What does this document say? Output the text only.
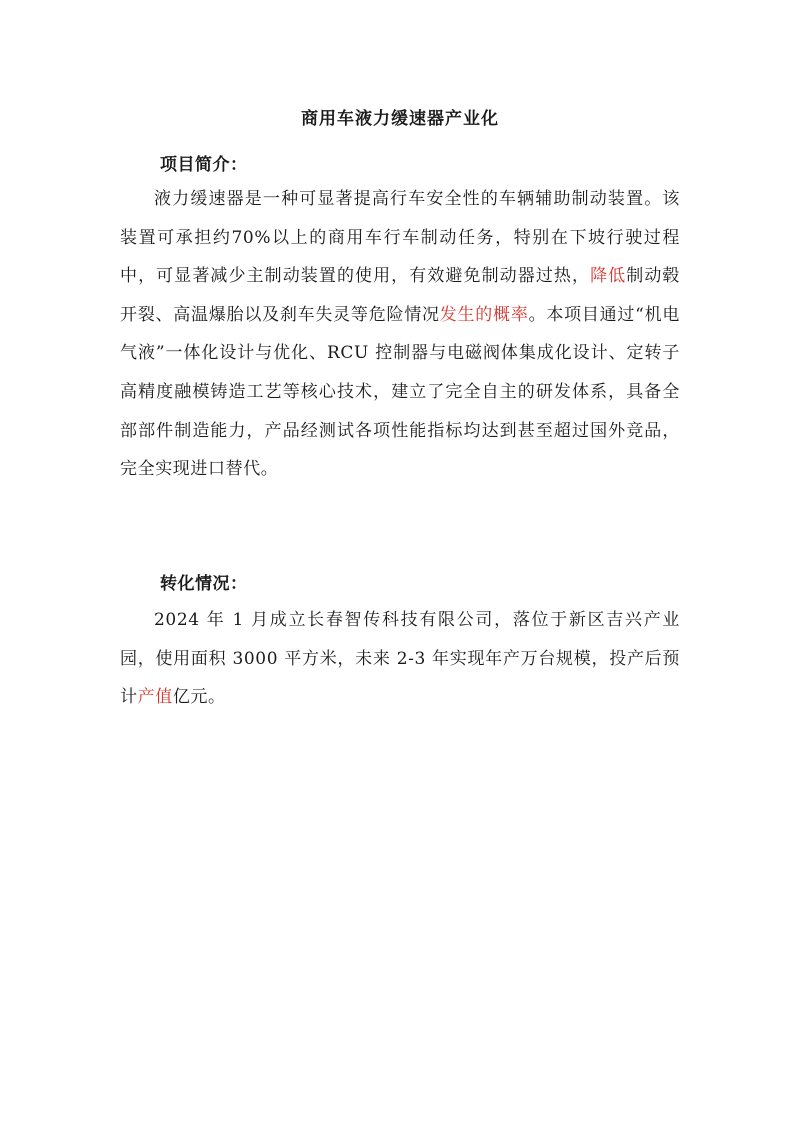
商用车液力缓速器产业化
项目简介：

液力缓速器是一种可显著提高行车安全性的车辆辅助制动装置。该装置可承担约70%以上的商用车行车制动任务，特别在下坡行驶过程中，可显著减少主制动装置的使用，有效避免制动器过热，降低制动毂开裂、高温爆胎以及刹车失灵等危险情况发生的概率。本项目通过“机电气液”一体化设计与优化、RCU 控制器与电磁阀体集成化设计、定转子高精度融模铸造工艺等核心技术，建立了完全自主的研发体系，具备全部部件制造能力，产品经测试各项性能指标均达到甚至超过国外竞品，完全实现进口替代。

转化情况：

2024 年 1 月成立长春智传科技有限公司，落位于新区吉兴产业园，使用面积 3000 平方米，未来 2-3 年实现年产万台规模，投产后预计产值亿元。
